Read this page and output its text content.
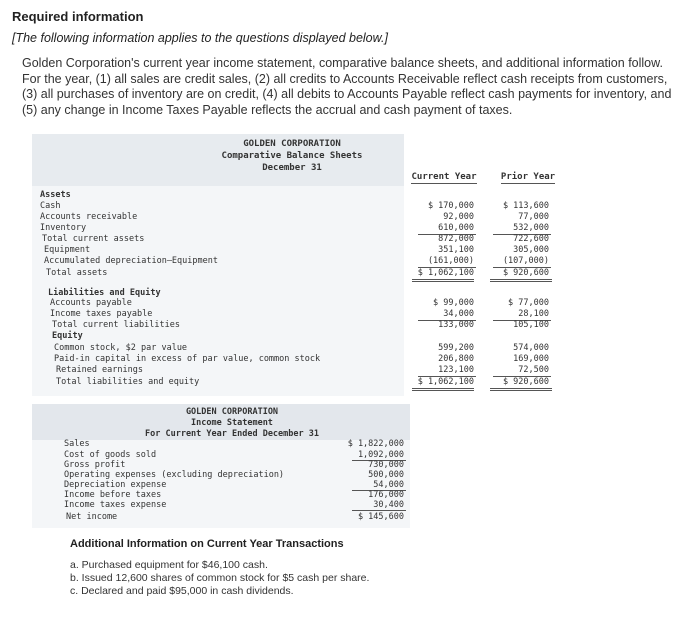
Required information
[The following information applies to the questions displayed below.]
Golden Corporation's current year income statement, comparative balance sheets, and additional information follow. For the year, (1) all sales are credit sales, (2) all credits to Accounts Receivable reflect cash receipts from customers, (3) all purchases of inventory are on credit, (4) all debits to Accounts Payable reflect cash payments for inventory, and (5) any change in Income Taxes Payable reflects the accrual and cash payment of taxes.
GOLDEN CORPORATION
Comparative Balance Sheets
December 31
Current Year	Prior Year
Assets
Cash	$ 170,000	$ 113,600
Accounts receivable	92,000	77,000
Inventory	610,000	532,000
Total current assets	872,000	722,600
Equipment	351,100	305,000
Accumulated depreciation—Equipment	(161,000)	(107,000)
Total assets	$ 1,062,100	$ 920,600
Liabilities and Equity
Accounts payable	$ 99,000	$ 77,000
Income taxes payable	34,000	28,100
Total current liabilities	133,000	105,100
Equity
Common stock, $2 par value	599,200	574,000
Paid-in capital in excess of par value, common stock	206,800	169,000
Retained earnings	123,100	72,500
Total liabilities and equity	$ 1,062,100	$ 920,600
GOLDEN CORPORATION
Income Statement
For Current Year Ended December 31
Sales	$ 1,822,000
Cost of goods sold	1,092,000
Gross profit	730,000
Operating expenses (excluding depreciation)	500,000
Depreciation expense	54,000
Income before taxes	176,000
Income taxes expense	30,400
Net income	$ 145,600
Additional Information on Current Year Transactions
a. Purchased equipment for $46,100 cash.
b. Issued 12,600 shares of common stock for $5 cash per share.
c. Declared and paid $95,000 in cash dividends.
